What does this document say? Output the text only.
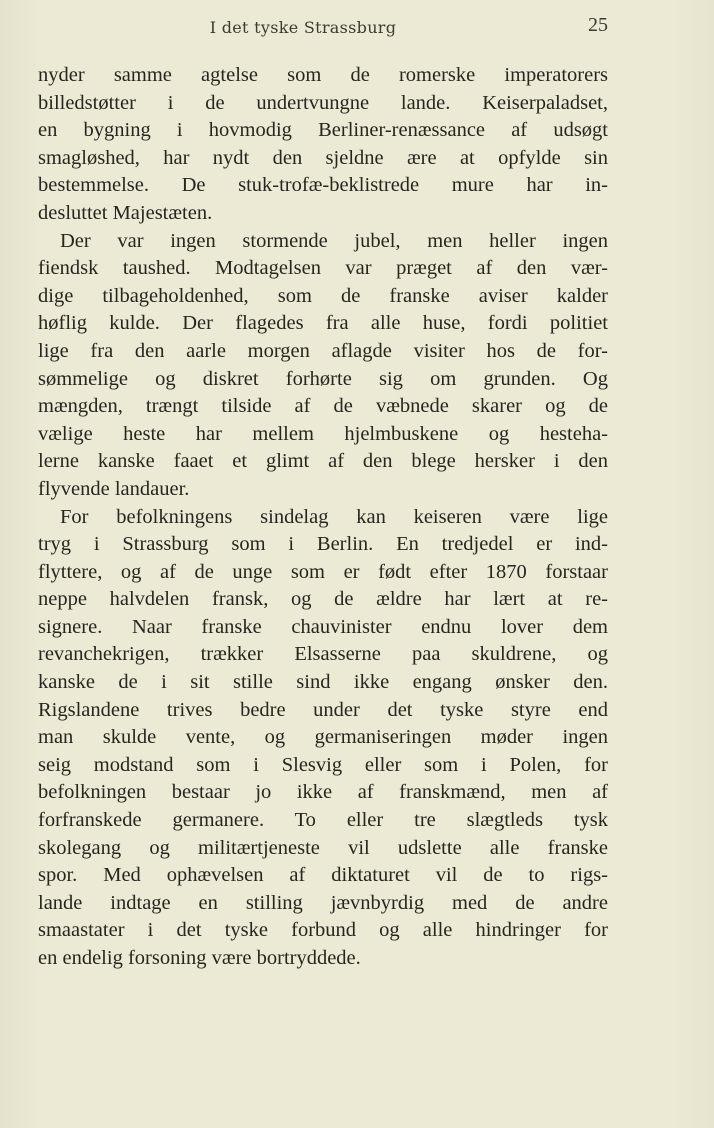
I det tyske Strassburg	25
nyder samme agtelse som de romerske imperatorers
billedstøtter i de undertvungne lande. Keiserpaladset,
en bygning i hovmodig Berliner-renæssance af udsøgt
smagløshed, har nydt den sjeldne ære at opfylde sin
bestemmelse. De stuk-trofæ-beklistrede mure har in-
desluttet Majestæten.
Der var ingen stormende jubel, men heller ingen
fiendsk taushed. Modtagelsen var præget af den vær-
dige tilbageholdenhed, som de franske aviser kalder
høflig kulde. Der flagedes fra alle huse, fordi politiet
lige fra den aarle morgen aflagde visiter hos de for-
sømmelige og diskret forhørte sig om grunden. Og
mængden, trængt tilside af de væbnede skarer og de
vælige heste har mellem hjelmbuskene og hesteha-
lerne kanske faaet et glimt af den blege hersker i den
flyvende landauer.
For befolkningens sindelag kan keiseren være lige
tryg i Strassburg som i Berlin. En tredjedel er ind-
flyttere, og af de unge som er født efter 1870 forstaar
neppe halvdelen fransk, og de ældre har lært at re-
signere. Naar franske chauvinister endnu lover dem
revanchekrigen, trækker Elsasserne paa skuldrene, og
kanske de i sit stille sind ikke engang ønsker den.
Rigslandene trives bedre under det tyske styre end
man skulde vente, og germaniseringen møder ingen
seig modstand som i Slesvig eller som i Polen, for
befolkningen bestaar jo ikke af franskmænd, men af
forfranskede germanere. To eller tre slægtleds tysk
skolegang og militærtjeneste vil udslette alle franske
spor. Med ophævelsen af diktaturet vil de to rigs-
lande indtage en stilling jævnbyrdig med de andre
smaastater i det tyske forbund og alle hindringer for
en endelig forsoning være bortryddede.
